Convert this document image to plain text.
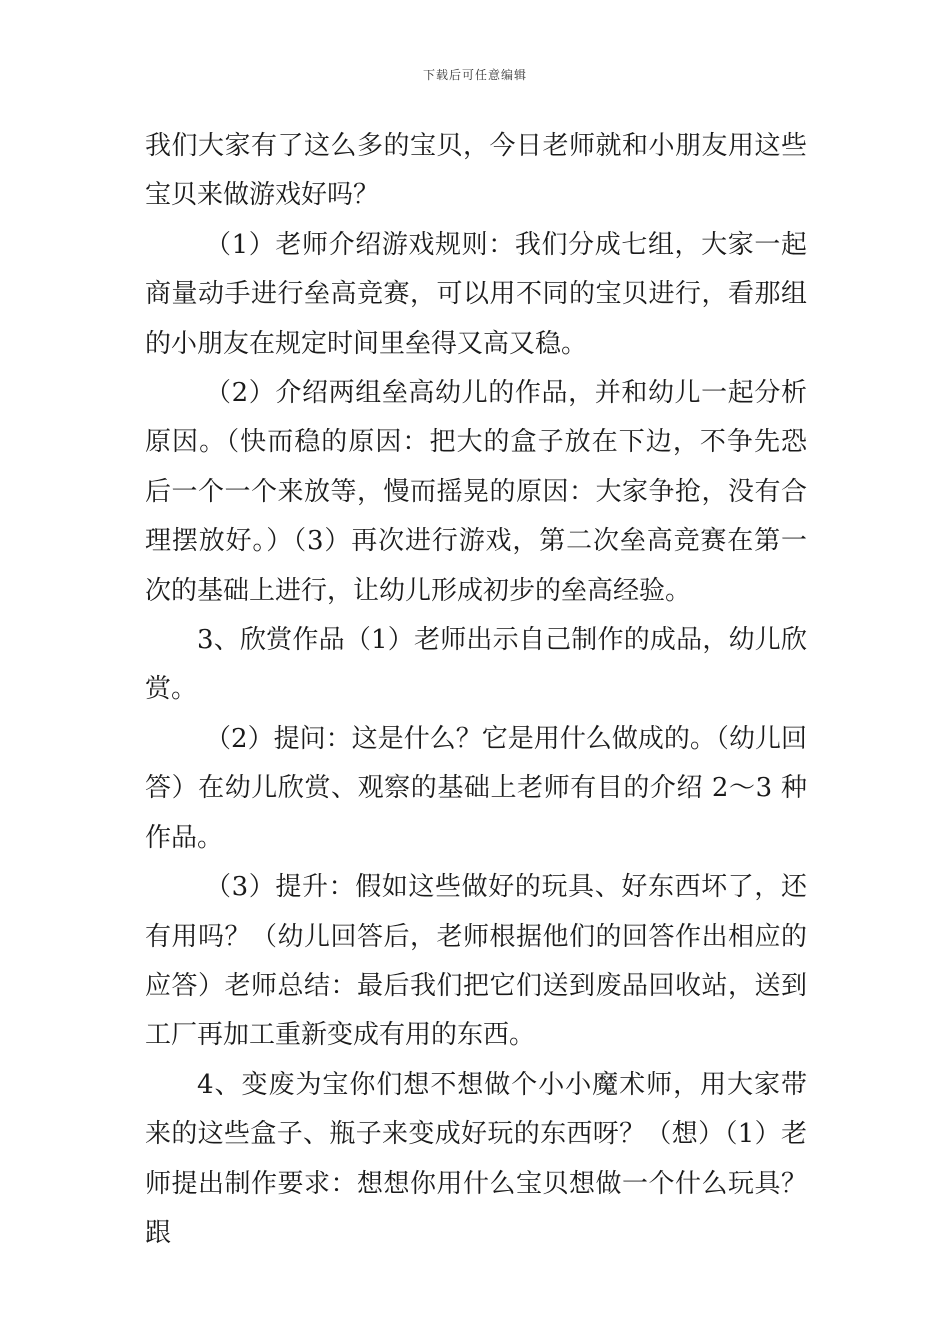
下载后可任意编辑

我们大家有了这么多的宝贝，今日老师就和小朋友用这些宝贝来做游戏好吗？

（1）老师介绍游戏规则：我们分成七组，大家一起商量动手进行垒高竞赛，可以用不同的宝贝进行，看那组的小朋友在规定时间里垒得又高又稳。

（2）介绍两组垒高幼儿的作品，并和幼儿一起分析原因。（快而稳的原因：把大的盒子放在下边，不争先恐后一个一个来放等，慢而摇晃的原因：大家争抢，没有合理摆放好。）（3）再次进行游戏，第二次垒高竞赛在第一次的基础上进行，让幼儿形成初步的垒高经验。

3、欣赏作品（1）老师出示自己制作的成品，幼儿欣赏。

（2）提问：这是什么？它是用什么做成的。（幼儿回答）在幼儿欣赏、观察的基础上老师有目的介绍 2～3 种作品。

（3）提升：假如这些做好的玩具、好东西坏了，还有用吗？（幼儿回答后，老师根据他们的回答作出相应的应答）老师总结：最后我们把它们送到废品回收站，送到工厂再加工重新变成有用的东西。

4、变废为宝你们想不想做个小小魔术师，用大家带来的这些盒子、瓶子来变成好玩的东西呀？（想）（1）老师提出制作要求：想想你用什么宝贝想做一个什么玩具？跟
